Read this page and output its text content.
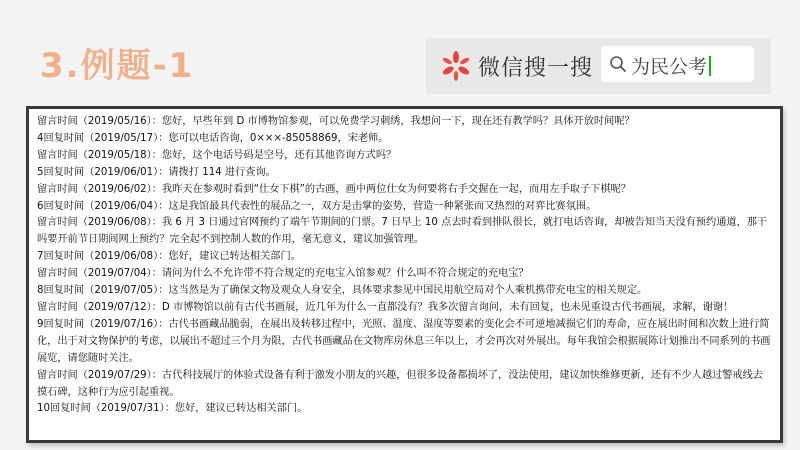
3.例题-1	微信搜一搜 为民公考

留言时间（2019/05/16）：您好，早些年到 D 市博物馆参观，可以免费学习刺绣，我想问一下，现在还有教学吗？具体开放时间呢？

4回复时间（2019/05/17）：您可以电话咨询，0×××-85058869，宋老师。

留言时间（2019/05/18）：您好，这个电话号码是空号，还有其他咨询方式吗？

5回复时间（2019/06/01）：请拨打 114 进行查询。

留言时间（2019/06/02）：我昨天在参观时看到“仕女下棋”的古画，画中两位仕女为何要将右手交握在一起，而用左手取子下棋呢？

6回复时间（2019/06/04）：这是我馆最具代表性的展品之一，双方是击掌的姿势，营造一种紧张而又热烈的对弈比赛氛围。

留言时间（2019/06/08）：我 6 月 3 日通过官网预约了端午节期间的门票。7 日早上 10 点去时看到排队很长，就打电话咨询，却被告知当天没有预约通道，那干吗要开前节日期间网上预约？完全起不到控制人数的作用，毫无意义，建议加强管理。

7回复时间（2019/06/08）：您好，建议已转达相关部门。

留言时间（2019/07/04）：请问为什么不允许带不符合规定的充电宝入馆参观？什么叫不符合规定的充电宝？

8回复时间（2019/07/05）：这当然是为了确保文物及观众人身安全，具体要求参见中国民用航空局对个人乘机携带充电宝的相关规定。

留言时间（2019/07/12）：D 市博物馆以前有古代书画展，近几年为什么一直都没有？我多次留言询问，未有回复，也未见重设古代书画展，求解，谢谢！

9回复时间（2019/07/16）：古代书画藏品脆弱，在展出及转移过程中，光照、温度、湿度等要素的变化会不可逆地减损它们的寿命，应在展出时间和次数上进行简化，出于对文物保护的考虑，以展出不超过三个月为限，古代书画藏品在文物库房休息三年以上，才会再次对外展出。每年我馆会根据展陈计划推出不同系列的书画展览，请您随时关注。

留言时间（2019/07/29）：古代科技展厅的体验式设备有利于激发小朋友的兴趣，但很多设备都损坏了，没法使用，建议加快维修更新，还有不少人越过警戒线去摸石碑，这种行为应引起重视。

10回复时间（2019/07/31）：您好，建议已转达相关部门。
